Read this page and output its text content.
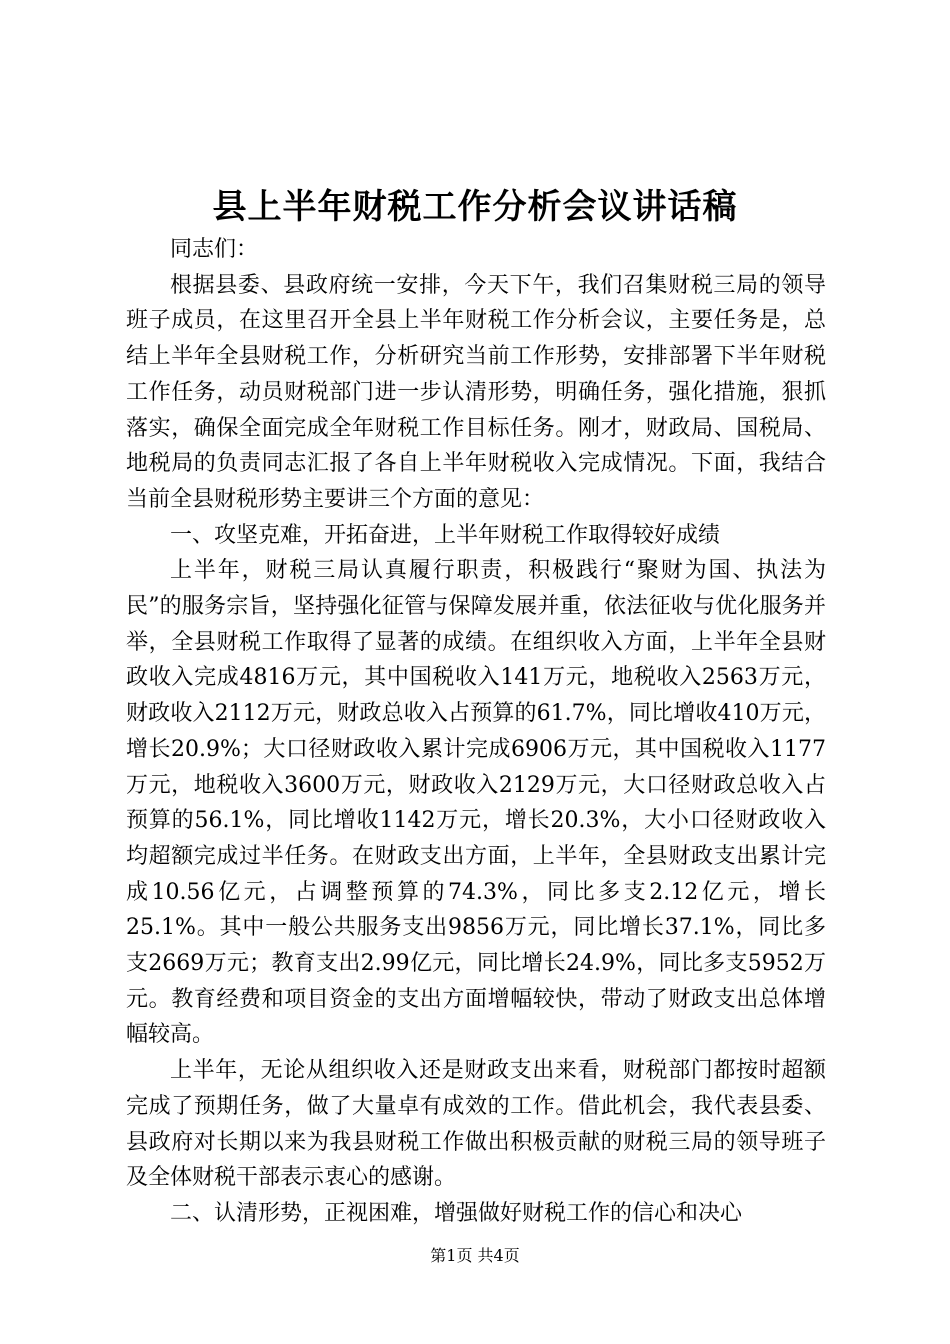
县上半年财税工作分析会议讲话稿

同志们：

根据县委、县政府统一安排，今天下午，我们召集财税三局的领导班子成员，在这里召开全县上半年财税工作分析会议，主要任务是，总结上半年全县财税工作，分析研究当前工作形势，安排部署下半年财税工作任务，动员财税部门进一步认清形势，明确任务，强化措施，狠抓落实，确保全面完成全年财税工作目标任务。刚才，财政局、国税局、地税局的负责同志汇报了各自上半年财税收入完成情况。下面，我结合当前全县财税形势主要讲三个方面的意见：

一、攻坚克难，开拓奋进，上半年财税工作取得较好成绩

上半年，财税三局认真履行职责，积极践行“聚财为国、执法为民”的服务宗旨，坚持强化征管与保障发展并重，依法征收与优化服务并举，全县财税工作取得了显著的成绩。在组织收入方面，上半年全县财政收入完成4816万元，其中国税收入141万元，地税收入2563万元，财政收入2112万元，财政总收入占预算的61.7%，同比增收410万元，增长20.9%；大口径财政收入累计完成6906万元，其中国税收入1177万元，地税收入3600万元，财政收入2129万元，大口径财政总收入占预算的56.1%，同比增收1142万元，增长20.3%，大小口径财政收入均超额完成过半任务。在财政支出方面，上半年，全县财政支出累计完成10.56亿元，占调整预算的74.3%，同比多支2.12亿元，增长25.1%。其中一般公共服务支出9856万元，同比增长37.1%，同比多支2669万元；教育支出2.99亿元，同比增长24.9%，同比多支5952万元。教育经费和项目资金的支出方面增幅较快，带动了财政支出总体增幅较高。

上半年，无论从组织收入还是财政支出来看，财税部门都按时超额完成了预期任务，做了大量卓有成效的工作。借此机会，我代表县委、县政府对长期以来为我县财税工作做出积极贡献的财税三局的领导班子及全体财税干部表示衷心的感谢。

二、认清形势，正视困难，增强做好财税工作的信心和决心

第1页 共4页
